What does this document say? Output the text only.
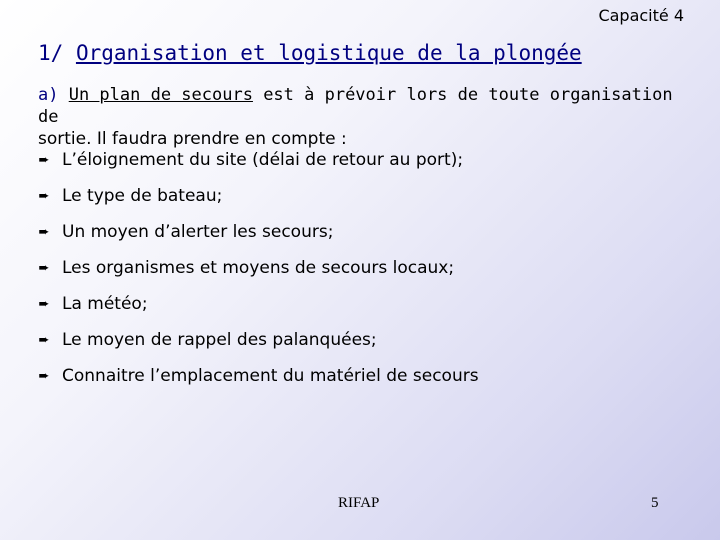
Capacité 4
1/ Organisation et logistique de la plongée
a) Un plan de secours est à prévoir lors de toute organisation de
sortie. Il faudra prendre en compte :
➨ L’éloignement du site (délai de retour au port);
➨ Le type de bateau;
➨ Un moyen d’alerter les secours;
➨ Les organismes et moyens de secours locaux;
➨ La météo;
➨ Le moyen de rappel des palanquées;
➨ Connaitre l’emplacement du matériel de secours
RIFAP	5
